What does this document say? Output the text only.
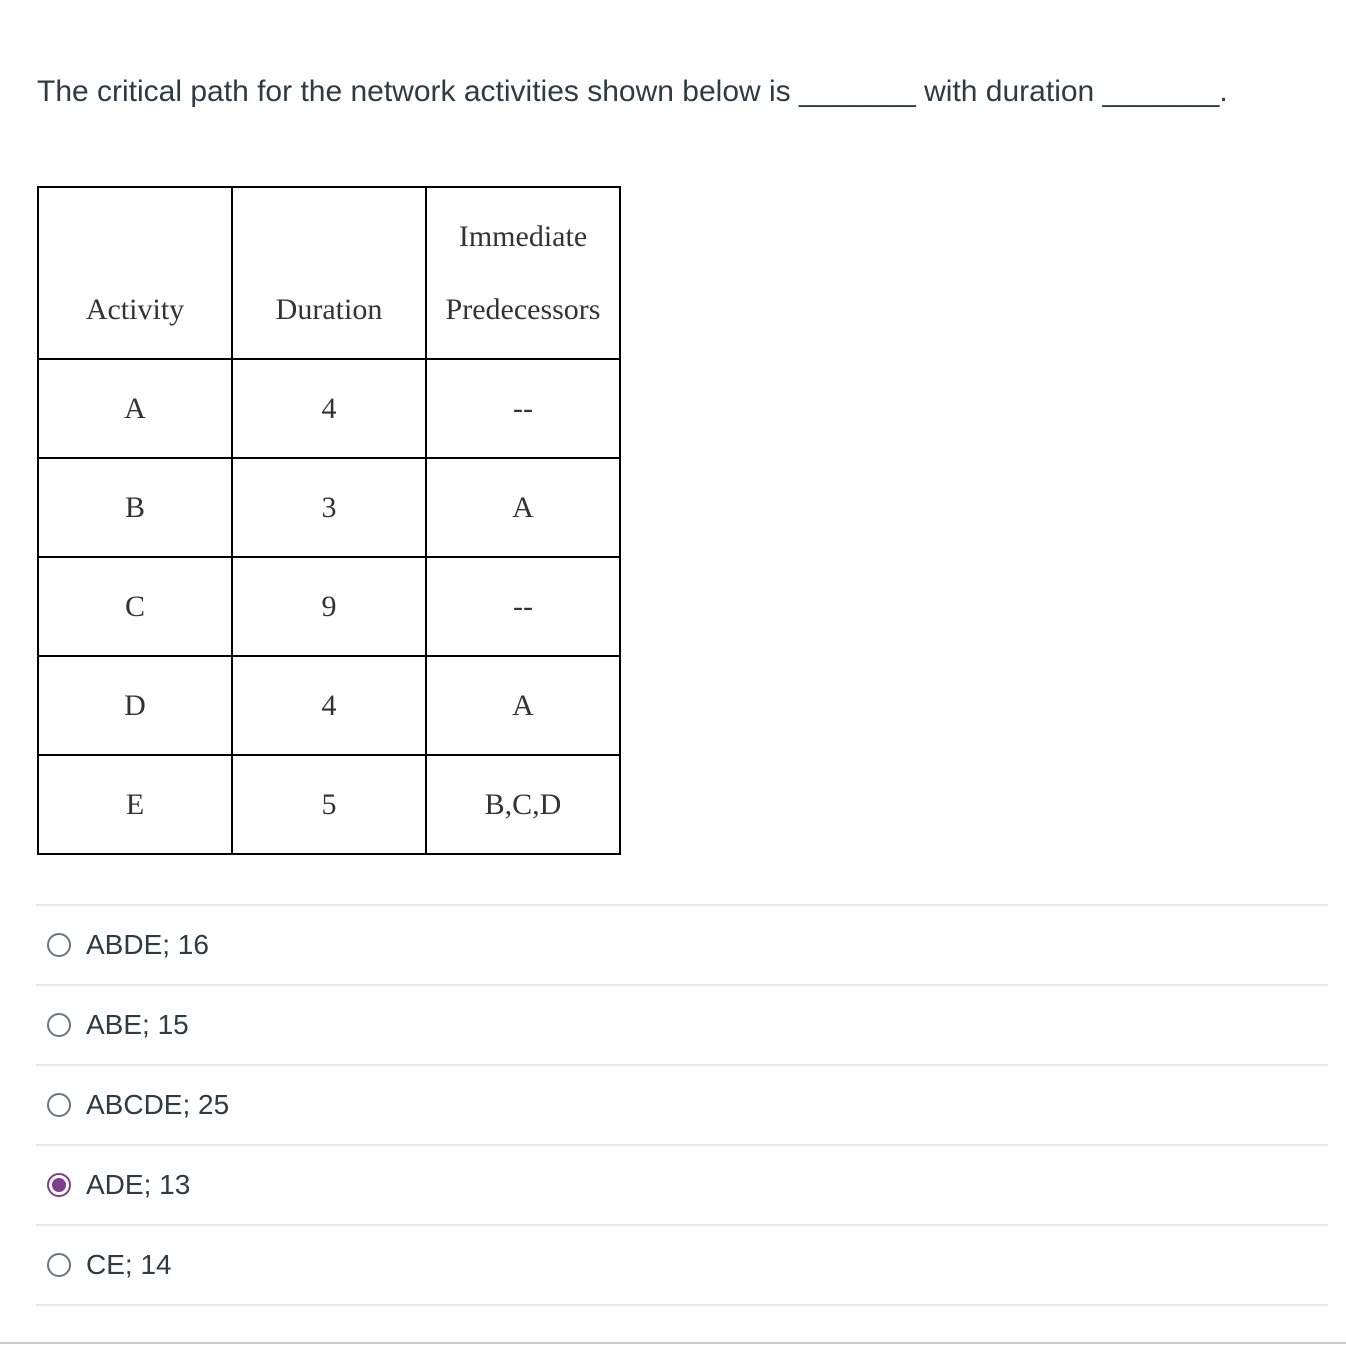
The critical path for the network activities shown below is _______ with duration _______.

Activity	Duration	Immediate
Predecessors

A	4	--
B	3	A
C	9	--
D	4	A
E	5	B,C,D
ABDE; 16
ABE; 15
ABCDE; 25
ADE; 13
CE; 14
